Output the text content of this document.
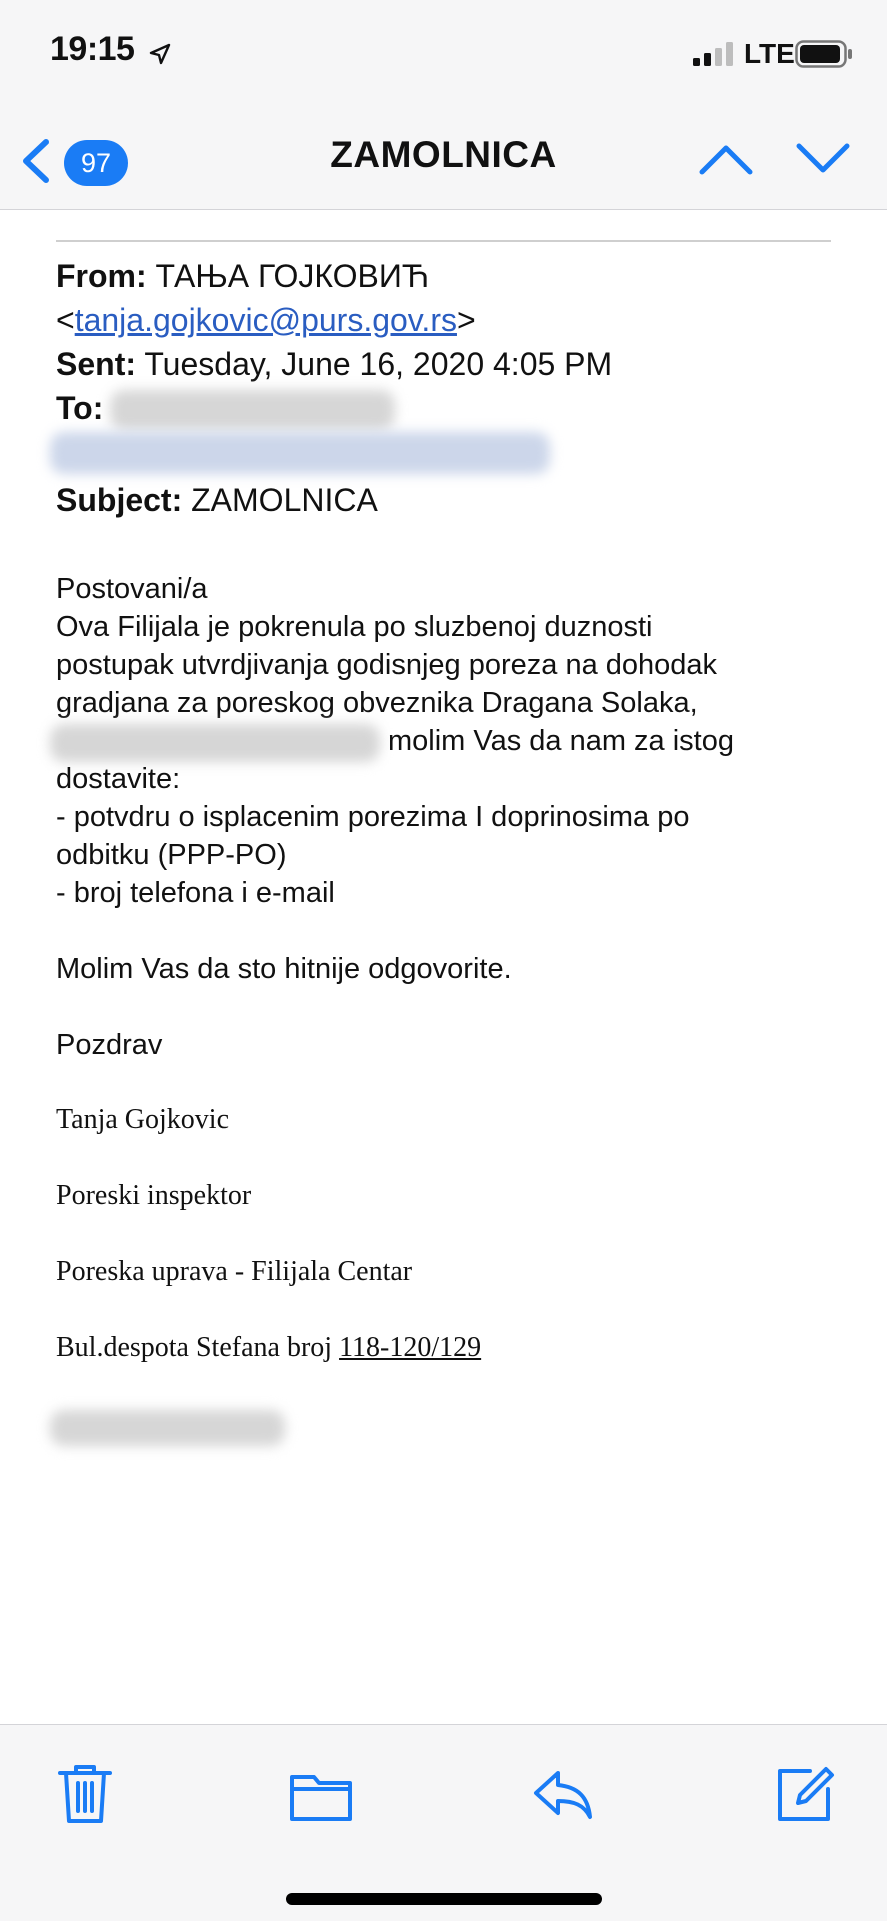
19:15	LTE
97	ZAMOLNICA
From: ТАЊА ГОЈКОВИЋ
<tanja.gojkovic@purs.gov.rs>
Sent: Tuesday, June 16, 2020 4:05 PM
To:
Subject: ZAMOLNICA
Postovani/a
Ova Filijala je pokrenula po sluzbenoj duznosti
postupak utvrdjivanja godisnjeg poreza na dohodak
gradjana za poreskog obveznika Dragana Solaka,
molim Vas da nam za istog
dostavite:
- potvdru o isplacenim porezima I doprinosima po
odbitku (PPP-PO)
- broj telefona i e-mail
Molim Vas da sto hitnije odgovorite.
Pozdrav
Tanja Gojkovic
Poreski inspektor
Poreska uprava - Filijala Centar
Bul.despota Stefana broj 118-120/129
